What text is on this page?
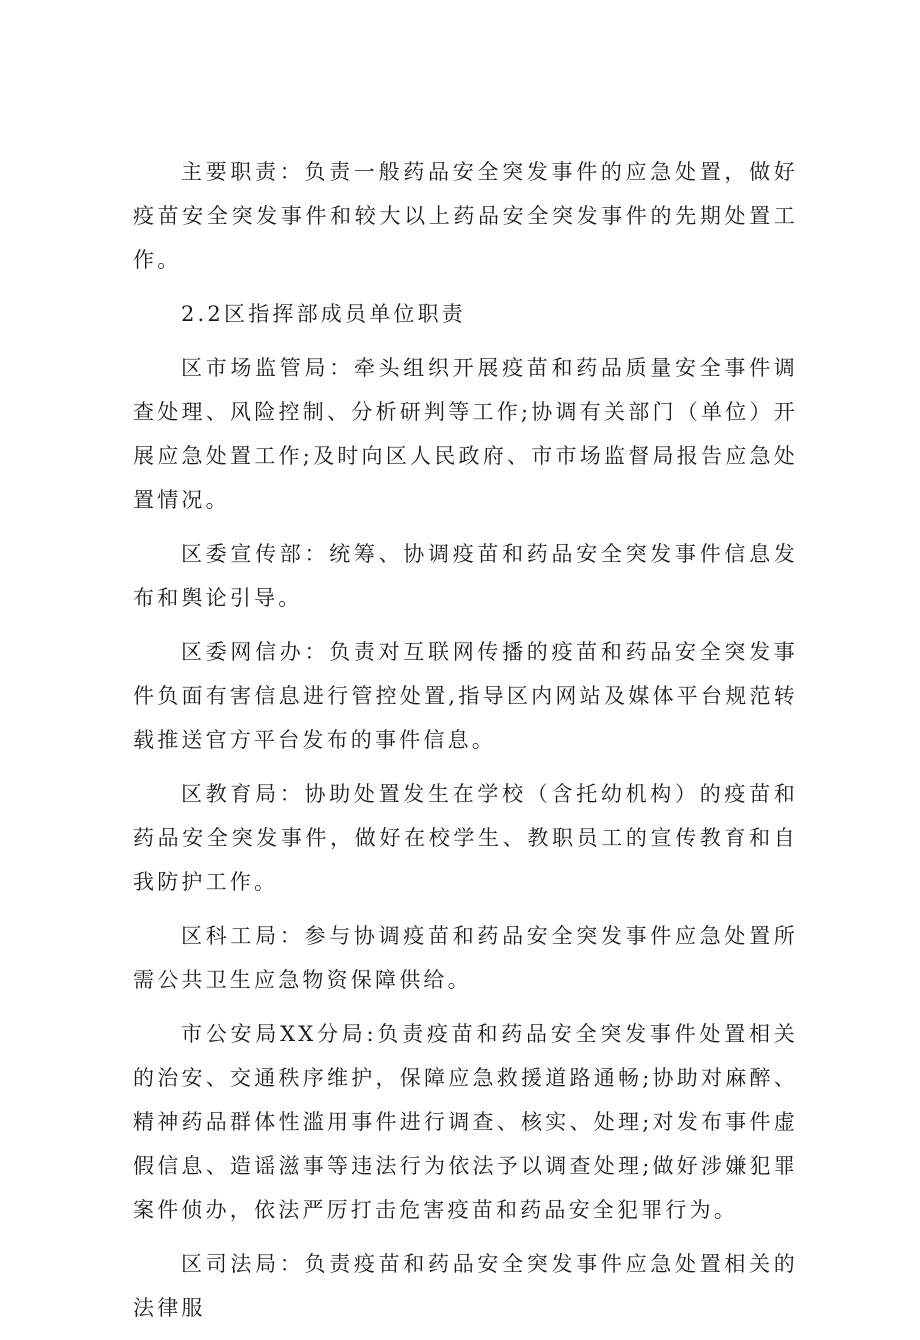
主要职责：负责一般药品安全突发事件的应急处置，做好疫苗安全突发事件和较大以上药品安全突发事件的先期处置工作。

2.2区指挥部成员单位职责

区市场监管局：牵头组织开展疫苗和药品质量安全事件调查处理、风险控制、分析研判等工作;协调有关部门（单位）开展应急处置工作;及时向区人民政府、市市场监督局报告应急处置情况。

区委宣传部：统筹、协调疫苗和药品安全突发事件信息发布和舆论引导。

区委网信办：负责对互联网传播的疫苗和药品安全突发事件负面有害信息进行管控处置,指导区内网站及媒体平台规范转载推送官方平台发布的事件信息。

区教育局：协助处置发生在学校（含托幼机构）的疫苗和药品安全突发事件，做好在校学生、教职员工的宣传教育和自我防护工作。

区科工局：参与协调疫苗和药品安全突发事件应急处置所需公共卫生应急物资保障供给。

市公安局XX分局:负责疫苗和药品安全突发事件处置相关的治安、交通秩序维护，保障应急救援道路通畅;协助对麻醉、精神药品群体性滥用事件进行调查、核实、处理;对发布事件虚假信息、造谣滋事等违法行为依法予以调查处理;做好涉嫌犯罪案件侦办，依法严厉打击危害疫苗和药品安全犯罪行为。

区司法局：负责疫苗和药品安全突发事件应急处置相关的法律服
